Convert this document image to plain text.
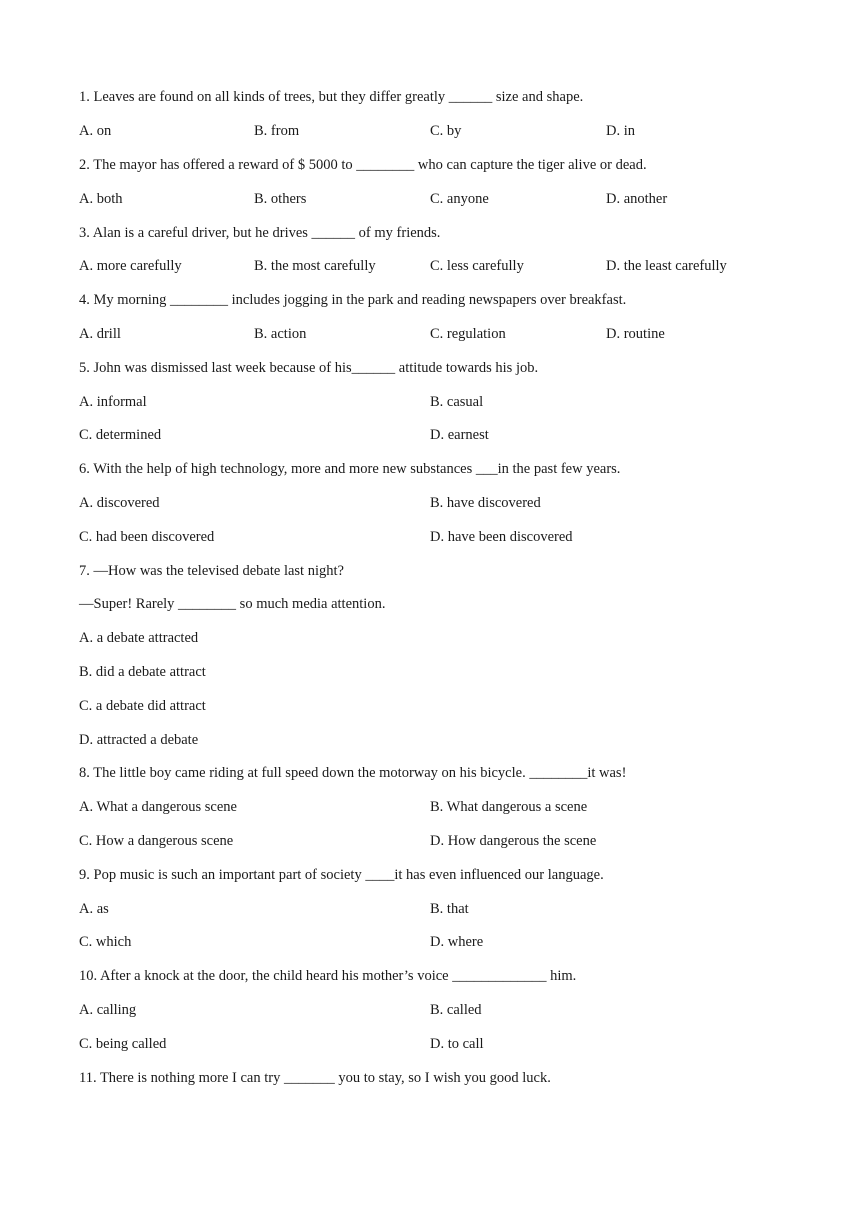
1. Leaves are found on all kinds of trees, but they differ greatly ______ size and shape.
A. on	B. from	C. by	D. in
2. The mayor has offered a reward of $ 5000 to ________ who can capture the tiger alive or dead.
A. both	B. others	C. anyone	D. another
3. Alan is a careful driver, but he drives ______ of my friends.
A. more carefully	B. the most carefully	C. less carefully	D. the least carefully
4. My morning ________ includes jogging in the park and reading newspapers over breakfast.
A. drill	B. action	C. regulation	D. routine
5. John was dismissed last week because of his______ attitude towards his job.
A. informal	B. casual
C. determined	D. earnest
6. With the help of high technology, more and more new substances ___in the past few years.
A. discovered	B. have discovered
C. had been discovered	D. have been discovered
7. —How was the televised debate last night?
—Super! Rarely ________ so much media attention.
A. a debate attracted
B. did a debate attract
C. a debate did attract
D. attracted a debate
8. The little boy came riding at full speed down the motorway on his bicycle. ________it was!
A. What a dangerous scene	B. What dangerous a scene
C. How a dangerous scene	D. How dangerous the scene
9. Pop music is such an important part of society ____it has even influenced our language.
A. as	B. that
C. which	D. where
10. After a knock at the door, the child heard his mother’s voice _____________ him.
A. calling	B. called
C. being called	D. to call
11. There is nothing more I can try _______ you to stay, so I wish you good luck.
